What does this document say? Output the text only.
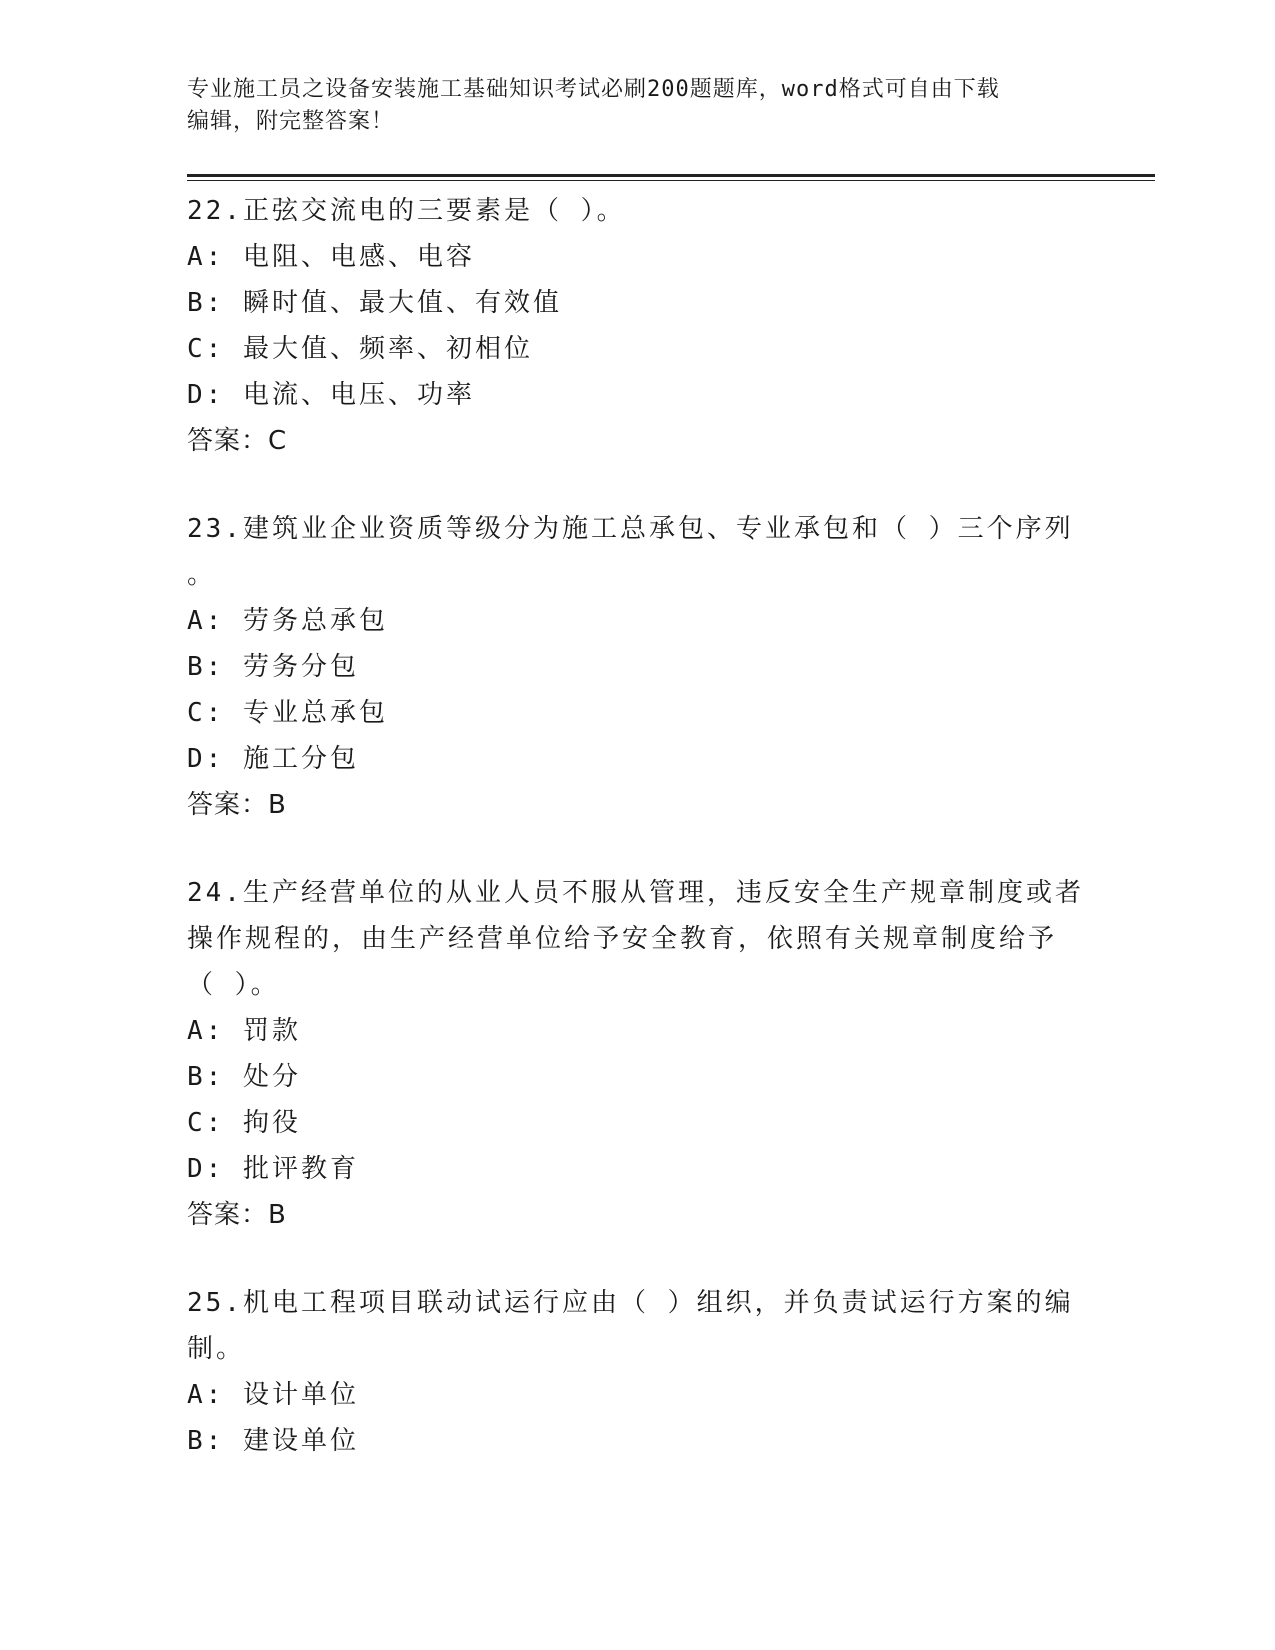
专业施工员之设备安装施工基础知识考试必刷200题题库，word格式可自由下载
编辑，附完整答案！
22.正弦交流电的三要素是（ ）。
A: 电阻、电感、电容
B: 瞬时值、最大值、有效值
C: 最大值、频率、初相位
D: 电流、电压、功率
答案：C
23.建筑业企业资质等级分为施工总承包、专业承包和（ ）三个序列
。
A: 劳务总承包
B: 劳务分包
C: 专业总承包
D: 施工分包
答案：B
24.生产经营单位的从业人员不服从管理，违反安全生产规章制度或者
操作规程的，由生产经营单位给予安全教育，依照有关规章制度给予
（ ）。
A: 罚款
B: 处分
C: 拘役
D: 批评教育
答案：B
25.机电工程项目联动试运行应由（ ）组织，并负责试运行方案的编
制。
A: 设计单位
B: 建设单位
